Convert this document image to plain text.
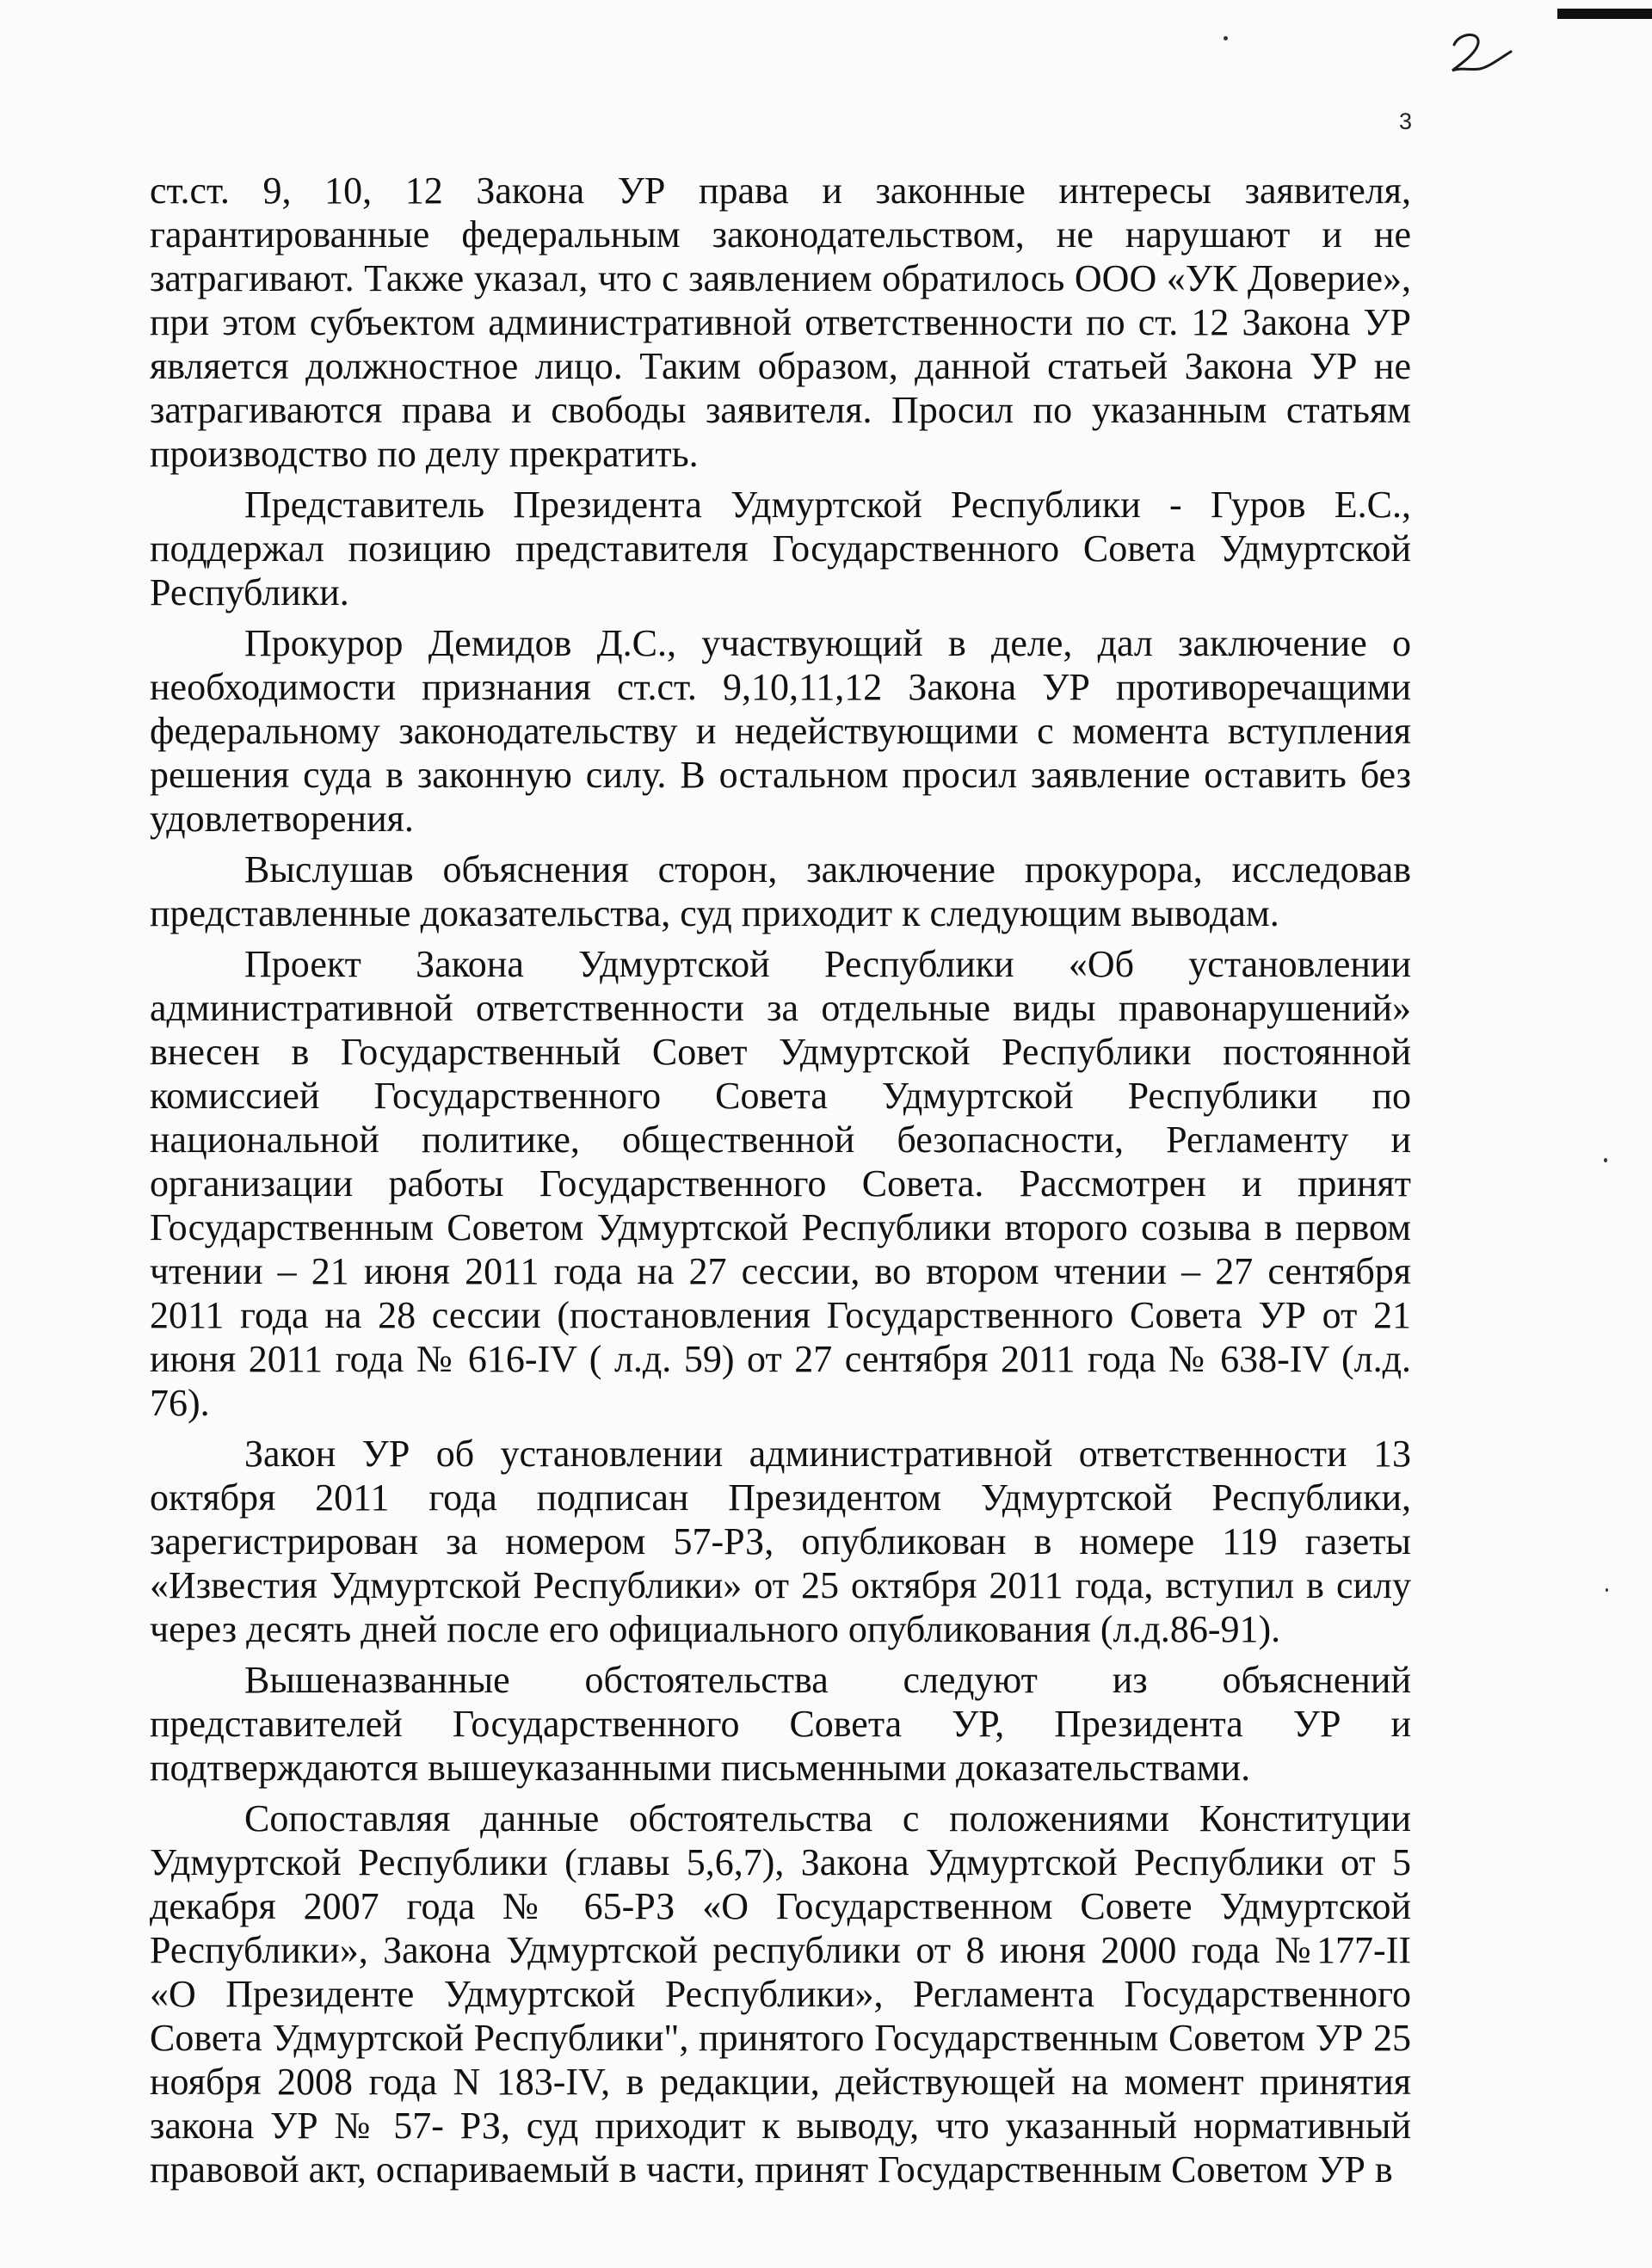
3

ст.ст. 9, 10, 12 Закона УР права и законные интересы заявителя, гарантированные федеральным законодательством, не нарушают и не затрагивают. Также указал, что с заявлением обратилось ООО «УК Доверие», при этом субъектом административной ответственности по ст. 12 Закона УР является должностное лицо. Таким образом, данной статьей Закона УР не затрагиваются права и свободы заявителя. Просил по указанным статьям производство по делу прекратить.

Представитель Президента Удмуртской Республики - Гуров Е.С., поддержал позицию представителя Государственного Совета Удмуртской Республики.

Прокурор Демидов Д.С., участвующий в деле, дал заключение о необходимости признания ст.ст. 9,10,11,12 Закона УР противоречащими федеральному законодательству и недействующими с момента вступления решения суда в законную силу. В остальном просил заявление оставить без удовлетворения.

Выслушав объяснения сторон, заключение прокурора, исследовав представленные доказательства, суд приходит к следующим выводам.

Проект Закона Удмуртской Республики «Об установлении административной ответственности за отдельные виды правонарушений» внесен в Государственный Совет Удмуртской Республики постоянной комиссией Государственного Совета Удмуртской Республики по национальной политике, общественной безопасности, Регламенту и организации работы Государственного Совета. Рассмотрен и принят Государственным Советом Удмуртской Республики второго созыва в первом чтении – 21 июня 2011 года на 27 сессии, во втором чтении – 27 сентября 2011 года на 28 сессии (постановления Государственного Совета УР от 21 июня 2011 года № 616-IV ( л.д. 59) от 27 сентября 2011 года № 638-IV (л.д. 76).

Закон УР об установлении административной ответственности 13 октября 2011 года подписан Президентом Удмуртской Республики, зарегистрирован за номером 57-РЗ, опубликован в номере 119 газеты «Известия Удмуртской Республики» от 25 октября 2011 года, вступил в силу через десять дней после его официального опубликования (л.д.86-91).

Вышеназванные обстоятельства следуют из объяснений представителей Государственного Совета УР, Президента УР и подтверждаются вышеуказанными письменными доказательствами.

Сопоставляя данные обстоятельства с положениями Конституции Удмуртской Республики (главы 5,6,7), Закона Удмуртской Республики от 5 декабря 2007 года № 65-РЗ «О Государственном Совете Удмуртской Республики», Закона Удмуртской республики от 8 июня 2000 года №177-II «О Президенте Удмуртской Республики», Регламента Государственного Совета Удмуртской Республики", принятого Государственным Советом УР 25 ноября 2008 года N 183-IV, в редакции, действующей на момент принятия закона УР № 57- РЗ, суд приходит к выводу, что указанный нормативный правовой акт, оспариваемый в части, принят Государственным Советом УР в
